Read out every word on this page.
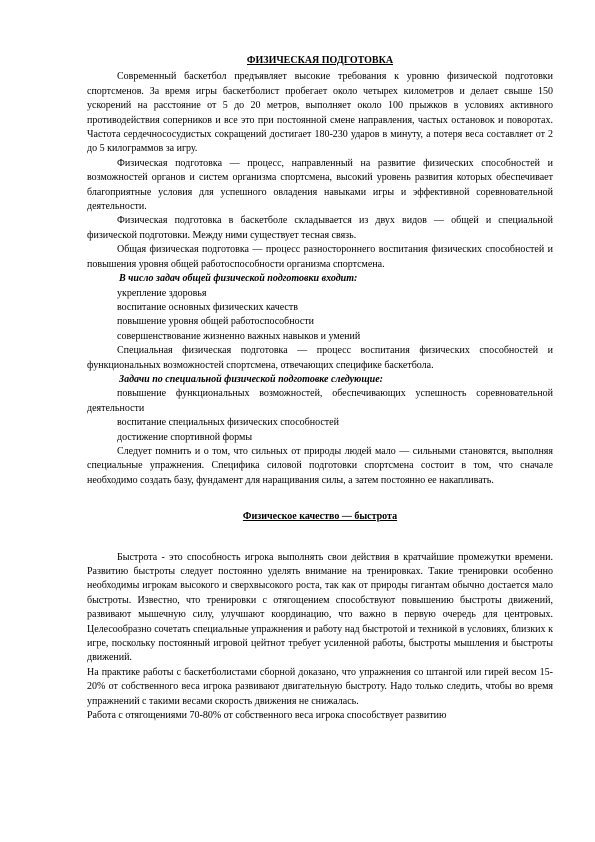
ФИЗИЧЕСКАЯ ПОДГОТОВКА

Современный баскетбол предъявляет высокие требования к уровню физической подготовки спортсменов. За время игры баскетболист пробегает около четырех километров и делает свыше 150 ускорений на расстояние от 5 до 20 метров, выполняет около 100 прыжков в условиях активного противодействия соперников и все это при постоянной смене направления, частых остановок и поворотах. Частота сердечнососудистых сокращений достигает 180-230 ударов в минуту, а потеря веса составляет от 2 до 5 килограммов за игру.

Физическая подготовка — процесс, направленный на развитие физических способностей и возможностей органов и систем организма спортсмена, высокий уровень развития которых обеспечивает благоприятные условия для успешного овладения навыками игры и эффективной соревновательной деятельности.

Физическая подготовка в баскетболе складывается из двух видов — общей и специальной физической подготовки. Между ними существует тесная связь.

Общая физическая подготовка — процесс разностороннего воспитания физических способностей и повышения уровня общей работоспособности организма спортсмена.

В число задач общей физической подготовки входит:
укрепление здоровья
воспитание основных физических качеств
повышение уровня общей работоспособности
совершенствование жизненно важных навыков и умений

Специальная физическая подготовка — процесс воспитания физических способностей и функциональных возможностей спортсмена, отвечающих специфике баскетбола.

Задачи по специальной физической подготовке следующие:

повышение функциональных возможностей, обеспечивающих успешность соревновательной деятельности

воспитание специальных физических способностей
достижение спортивной формы

Следует помнить и о том, что сильных от природы людей мало — сильными становятся, выполняя специальные упражнения. Специфика силовой подготовки спортсмена состоит в том, что сначале необходимо создать базу, фундамент для наращивания силы, а затем постоянно ее накапливать.

Физическое качество — быстрота

Быстрота - это способность игрока выполнять свои действия в кратчайшие промежутки времени. Развитию быстроты следует постоянно уделять внимание на тренировках. Такие тренировки особенно необходимы игрокам высокого и сверхвысокого роста, так как от природы гигантам обычно достается мало быстроты. Известно, что тренировки с отягощением способствуют повышению быстроты движений, развивают мышечную силу, улучшают координацию, что важно в первую очередь для центровых. Целесообразно сочетать специальные упражнения и работу над быстротой и техникой в условиях, близких к игре, поскольку постоянный игровой цейтнот требует усиленной работы, быстроты мышления и быстроты движений.

На практике работы с баскетболистами сборной доказано, что упражнения со штангой или гирей весом 15-20% от собственного веса игрока развивают двигательную быстроту. Надо только следить, чтобы во время упражнений с такими весами скорость движения не снижалась.

Работа с отягощениями 70-80% от собственного веса игрока способствует развитию
